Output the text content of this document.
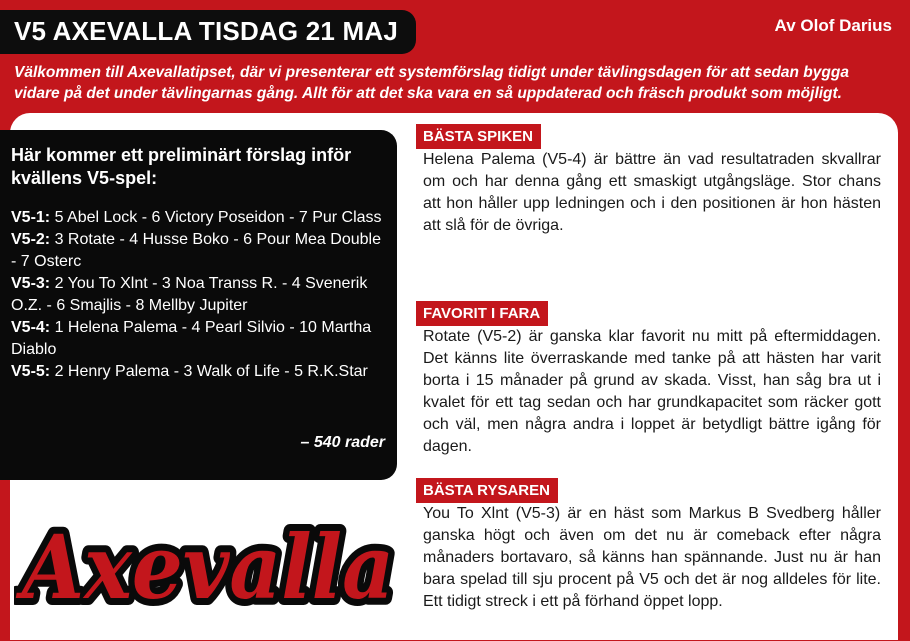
V5 AXEVALLA TISDAG 21 MAJ	Av Olof Darius

Välkommen till Axevallatipset, där vi presenterar ett systemförslag tidigt under tävlingsdagen för att sedan bygga vidare på det under tävlingarnas gång. Allt för att det ska vara en så uppdaterad och fräsch produkt som möjligt.

Här kommer ett preliminärt förslag inför kvällens V5-spel:

V5-1: 5 Abel Lock - 6 Victory Poseidon - 7 Pur Class

V5-2: 3 Rotate - 4 Husse Boko - 6 Pour Mea Double - 7 Osterc

V5-3: 2 You To Xlnt - 3 Noa Transs R. - 4 Svenerik O.Z. - 6 Smajlis - 8 Mellby Jupiter

V5-4: 1 Helena Palema - 4 Pearl Silvio - 10 Martha Diablo

V5-5: 2 Henry Palema - 3 Walk of Life - 5 R.K.Star

– 540 rader
BÄSTA SPIKEN

Helena Palema (V5-4) är bättre än vad resultatraden skvallrar om och har denna gång ett smaskigt utgångsläge. Stor chans att hon håller upp ledningen och i den positionen är hon hästen att slå för de övriga.

FAVORIT I FARA

Rotate (V5-2) är ganska klar favorit nu mitt på eftermiddagen. Det känns lite överraskande med tanke på att hästen har varit borta i 15 månader på grund av skada. Visst, han såg bra ut i kvalet för ett tag sedan och har grundkapacitet som räcker gott och väl, men några andra i loppet är betydligt bättre igång för dagen.

BÄSTA RYSAREN

You To Xlnt (V5-3) är en häst som Markus B Svedberg håller ganska högt och även om det nu är comeback efter några månaders bortavaro, så känns han spännande. Just nu är han bara spelad till sju procent på V5 och det är nog alldeles för lite. Ett tidigt streck i ett på förhand öppet lopp.

Axevalla
